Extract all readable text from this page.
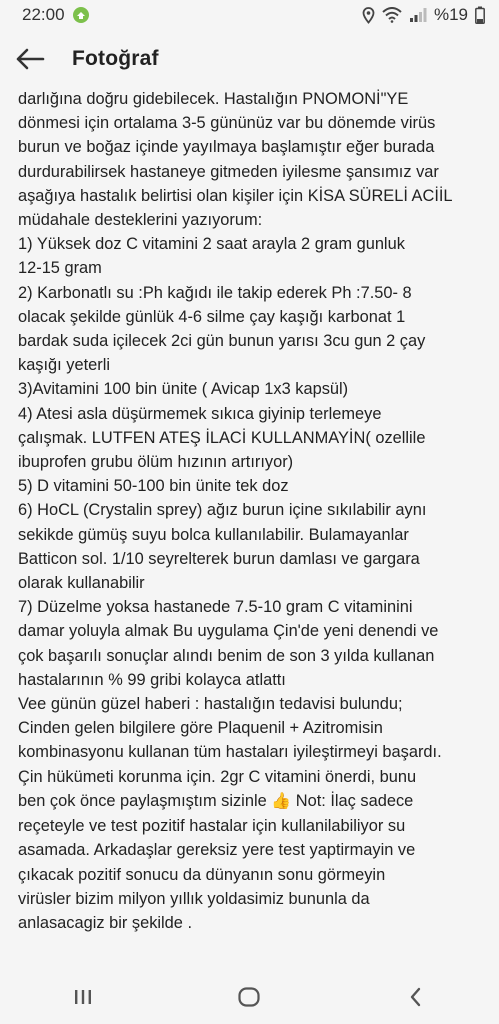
22:00	%19
Fotoğraf
darlığına doğru gidebilecek. Hastalığın PNOMONİ"YE
dönmesi için ortalama 3-5 gününüz var bu dönemde virüs
burun ve boğaz içinde yayılmaya başlamıştır eğer burada
durdurabilirsek hastaneye gitmeden iyilesme şansımız var
aşağıya hastalık belirtisi olan kişiler için KİSA SÜRELİ ACİİL
müdahale desteklerini yazıyorum:
1) Yüksek doz C vitamini 2 saat arayla 2 gram gunluk
12-15 gram
2) Karbonatlı su :Ph kağıdı ile takip ederek Ph :7.50- 8
olacak şekilde günlük 4-6 silme çay kaşığı karbonat 1
bardak suda içilecek 2ci gün bunun yarısı 3cu gun 2 çay
kaşığı yeterli
3)Avitamini 100 bin ünite ( Avicap 1x3 kapsül)
4) Atesi asla düşürmemek sıkıca giyinip terlemeye
çalışmak. LUTFEN ATEŞ İLACİ KULLANMAYİN( ozellile
ibuprofen grubu ölüm hızının artırıyor)
5) D vitamini 50-100 bin ünite tek doz
6) HoCL (Crystalin sprey) ağız burun içine sıkılabilir aynı
sekikde gümüş suyu bolca kullanılabilir. Bulamayanlar
Batticon sol. 1/10 seyrelterek burun damlası ve gargara
olarak kullanabilir
7) Düzelme yoksa hastanede 7.5-10 gram C vitaminini
damar yoluyla almak Bu uygulama Çin'de yeni denendi ve
çok başarılı sonuçlar alındı benim de son 3 yılda kullanan
hastalarının % 99 gribi kolayca atlattı
Vee günün güzel haberi : hastalığın tedavisi bulundu;
Cinden gelen bilgilere göre Plaquenil + Azitromisin
kombinasyonu kullanan tüm hastaları iyileştirmeyi başardı.
Çin hükümeti korunma için. 2gr C vitamini önerdi, bunu
ben çok önce paylaşmıştım sizinle 👍 Not: İlaç sadece
reçeteyle ve test pozitif hastalar için kullanilabiliyor su
asamada. Arkadaşlar gereksiz yere test yaptirmayin ve
çıkacak pozitif sonucu da dünyanın sonu görmeyin
virüsler bizim milyon yıllık yoldasimiz bununla da
anlasacagiz bir şekilde .
